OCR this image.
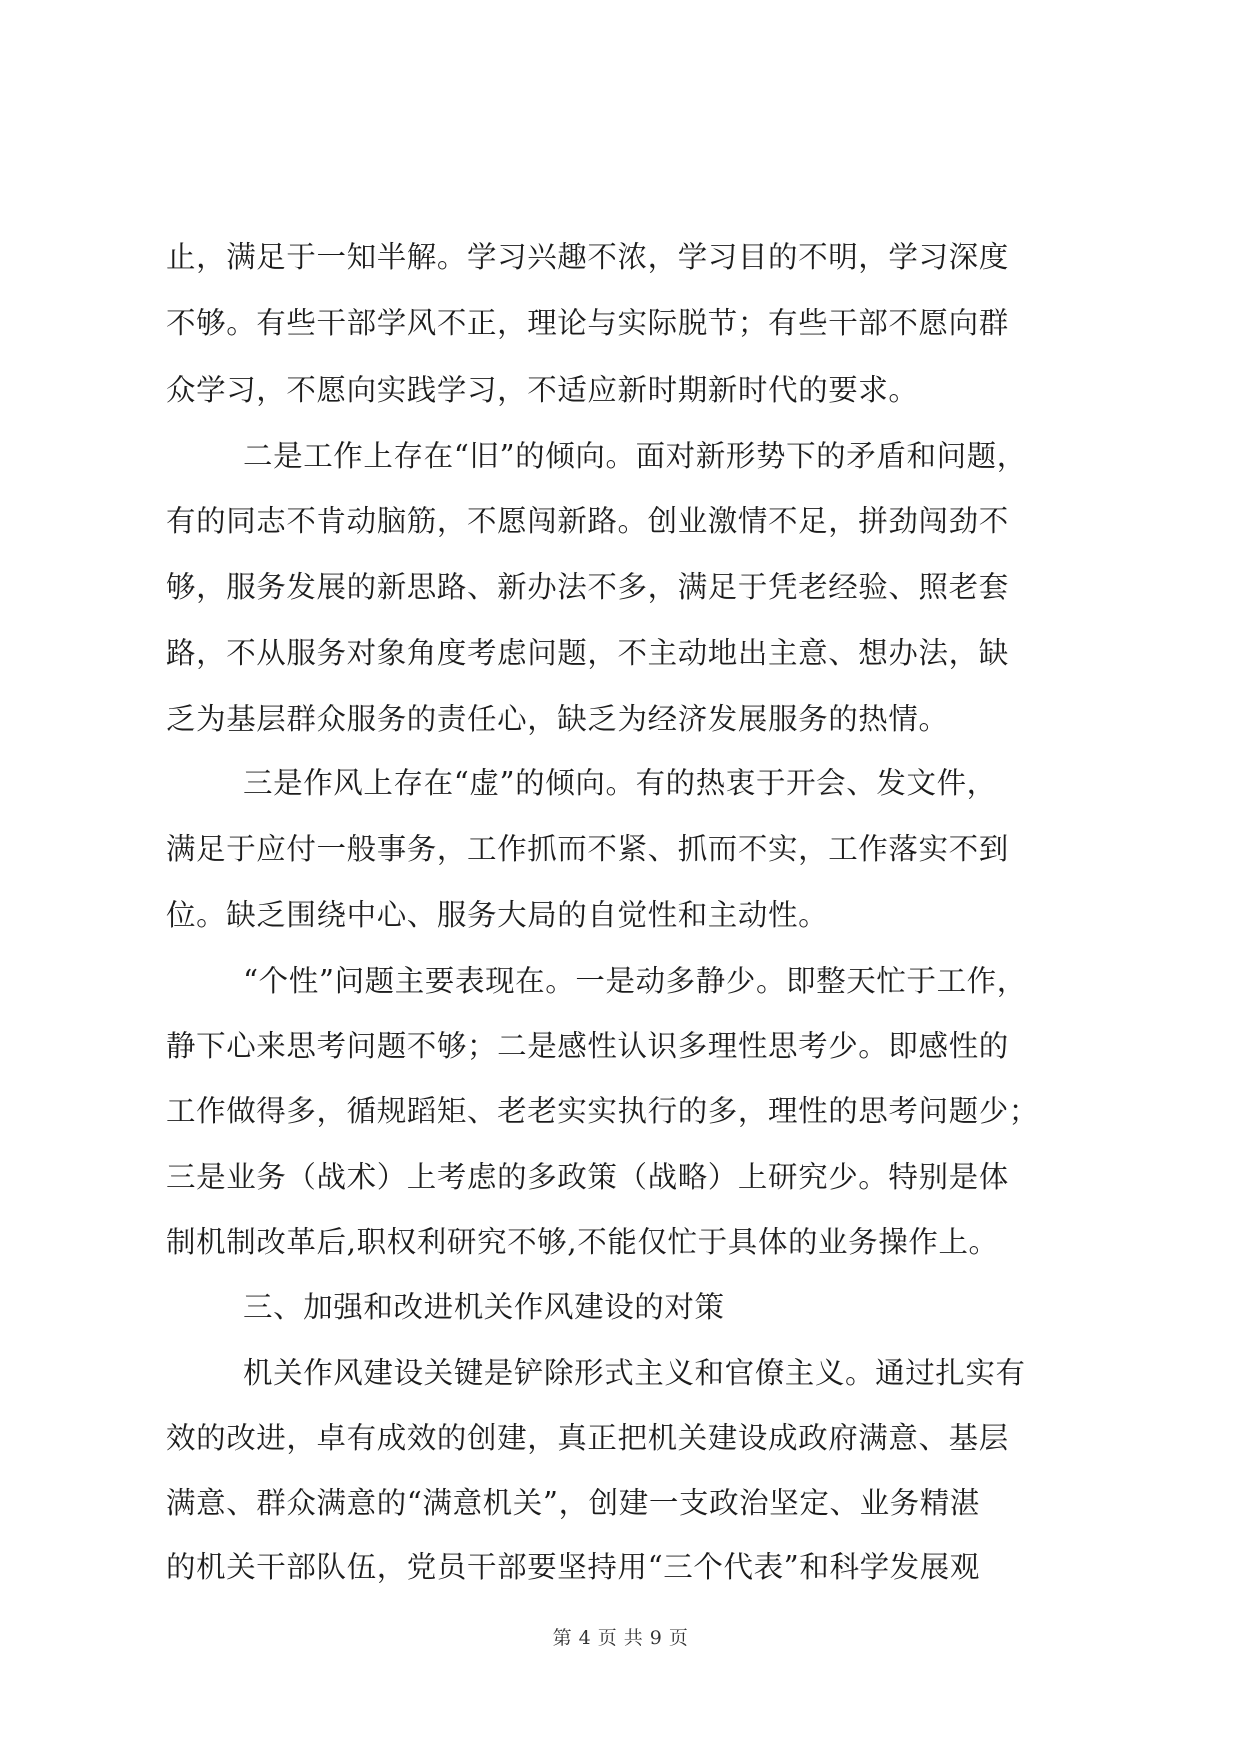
止，满足于一知半解。学习兴趣不浓，学习目的不明，学习深度
不够。有些干部学风不正，理论与实际脱节；有些干部不愿向群
众学习，不愿向实践学习，不适应新时期新时代的要求。
二是工作上存在“旧”的倾向。面对新形势下的矛盾和问题，
有的同志不肯动脑筋，不愿闯新路。创业激情不足，拼劲闯劲不
够，服务发展的新思路、新办法不多，满足于凭老经验、照老套
路，不从服务对象角度考虑问题，不主动地出主意、想办法，缺
乏为基层群众服务的责任心，缺乏为经济发展服务的热情。
三是作风上存在“虚”的倾向。有的热衷于开会、发文件，
满足于应付一般事务，工作抓而不紧、抓而不实，工作落实不到
位。缺乏围绕中心、服务大局的自觉性和主动性。
“个性”问题主要表现在。一是动多静少。即整天忙于工作，
静下心来思考问题不够；二是感性认识多理性思考少。即感性的
工作做得多，循规蹈矩、老老实实执行的多，理性的思考问题少；
三是业务（战术）上考虑的多政策（战略）上研究少。特别是体
制机制改革后,职权利研究不够,不能仅忙于具体的业务操作上。
三、加强和改进机关作风建设的对策
机关作风建设关键是铲除形式主义和官僚主义。通过扎实有
效的改进，卓有成效的创建，真正把机关建设成政府满意、基层
满意、群众满意的“满意机关”，创建一支政治坚定、业务精湛
的机关干部队伍，党员干部要坚持用“三个代表”和科学发展观
第 4 页 共 9 页
